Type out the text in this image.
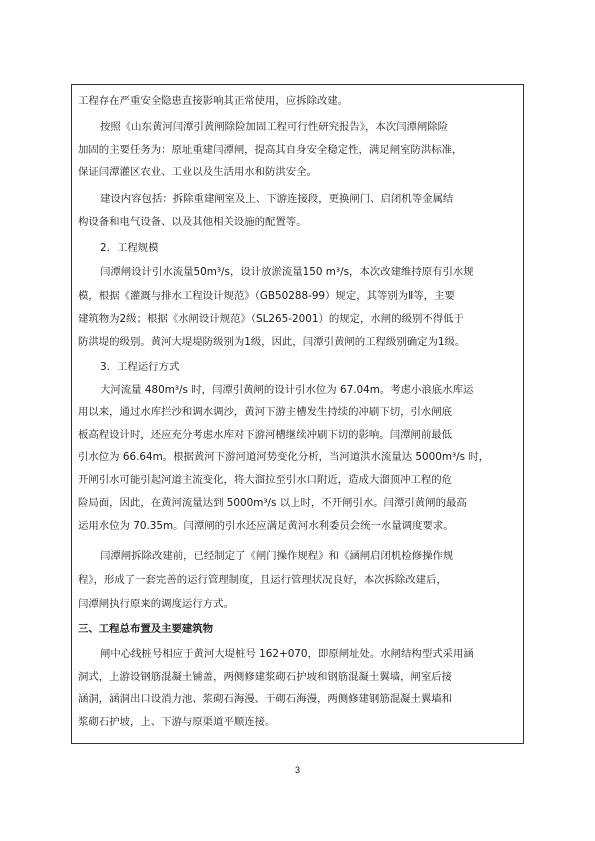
工程存在严重安全隐患直接影响其正常使用，应拆除改建。
按照《山东黄河闫潭引黄闸除险加固工程可行性研究报告》，本次闫潭闸除险
加固的主要任务为：原址重建闫潭闸，提高其自身安全稳定性，满足闸室防洪标准，
保证闫潭灌区农业、工业以及生活用水和防洪安全。
建设内容包括：拆除重建闸室及上、下游连接段，更换闸门、启闭机等金属结
构设备和电气设备、以及其他相关设施的配置等。
2．工程规模
闫潭闸设计引水流量50m³/s，设计放淤流量150 m³/s，本次改建维持原有引水规
模，根据《灌溉与排水工程设计规范》（GB50288-99）规定，其等别为Ⅱ等，主要
建筑物为2级；根据《水闸设计规范》（SL265-2001）的规定，水闸的级别不得低于
防洪堤的级别。黄河大堤堤防级别为1级，因此，闫潭引黄闸的工程级别确定为1级。
3．工程运行方式
大河流量 480m³/s 时，闫潭引黄闸的设计引水位为 67.04m。考虑小浪底水库运
用以来，通过水库拦沙和调水调沙，黄河下游主槽发生持续的冲刷下切，引水闸底
板高程设计时，还应充分考虑水库对下游河槽继续冲刷下切的影响。闫潭闸前最低
引水位为 66.64m。根据黄河下游河道河势变化分析，当河道洪水流量达 5000m³/s 时，
开闸引水可能引起河道主流变化，将大溜拉至引水口附近，造成大溜顶冲工程的危
险局面，因此，在黄河流量达到 5000m³/s 以上时，不开闸引水。闫潭引黄闸的最高
运用水位为 70.35m。闫潭闸的引水还应满足黄河水利委员会统一水量调度要求。
闫潭闸拆除改建前，已经制定了《闸门操作规程》和《涵闸启闭机检修操作规
程》，形成了一套完善的运行管理制度，且运行管理状况良好，本次拆除改建后，
闫潭闸执行原来的调度运行方式。
三、工程总布置及主要建筑物
闸中心线桩号相应于黄河大堤桩号 162+070，即原闸址处。水闸结构型式采用涵
洞式，上游设钢筋混凝土铺盖，两侧修建浆砌石护坡和钢筋混凝土翼墙，闸室后接
涵洞，涵洞出口设消力池、浆砌石海漫、干砌石海漫，两侧修建钢筋混凝土翼墙和
浆砌石护坡，上、下游与原渠道平顺连接。
3
